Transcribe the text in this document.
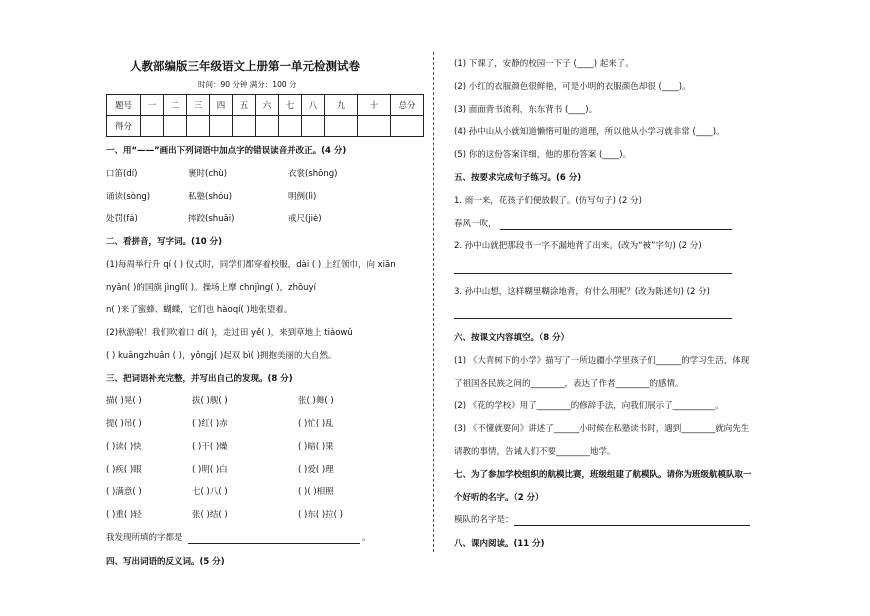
人教部编版三年级语文上册第一单元检测试卷
时间：90 分钟 满分：100 分
题号	一	二	三	四	五	六	七	八	九	十	总分
得分											
一、用“——”画出下列词语中加点字的错误读音并改正。(4 分)
口笛(dí)	裹时(chù)	衣裳(shōng)
诵读(sòng)	私塾(shóu)	明例(lì)
处罚(fá)	摔跤(shuāi)	戒尺(jiè)
二、看拼音，写字词。(10 分)
(1)每周举行升 qí ( ) 仪式时，同学们都穿着校服，dài ( ) 上红领巾，向 xiān
nyān( )的国旗 jìnglǐ( )。操场上摩 chnjìng( )，zhōuyí
n( )来了蜜蜂、蝴蝶，它们也 hàoqí( )地张望着。
(2)秋游啦！我们吹着口 dí( )，走过田 yě( )，来到草地上 tiàowǔ
( ) kuǎngzhuǎn ( )，yǒngj( )起双 bì( )拥抱美丽的大自然。
三、把词语补充完整，并写出自己的发现。(8 分)
描( )晃( )	拔( )舰( )	张( )舞( )
提( )吊( )	( )红( )赤	( )忙( )乱
( )读( )快	( )干( )燥	( )暗( )果
( )疾( )眼	( )明( )白	( )爱( )理
( )满意( )	七( )八( )	( )( )相照
( )重( )轻	张( )结( )	( )东( )拉( )
我发现所填的字都是	。
四、写出词语的反义词。(5 分)
(1) 下课了，安静的校园一下子 (____) 起来了。
(2) 小红的衣服颜色很鲜艳，可是小明的衣服颜色却很 (____)。
(3) 面面背书流利，东东背书 (____)。
(4) 孙中山从小就知道懒惰可耻的道理，所以他从小学习就非常 (____)。
(5) 你的这份答案详细，他的那份答案 (____)。
五、按要求完成句子练习。(6 分)
1. 雨一来，花孩子们便放假了。(仿写句子) (2 分)
春风一吹，
2. 孙中山就把那段书一字不漏地背了出来。(改为“被”字句) (2 分)
3. 孙中山想，这样糊里糊涂地背，有什么用呢？(改为陈述句) (2 分)
六、按课文内容填空。（8 分）
(1) 《大青树下的小学》描写了一所边疆小学里孩子们______的学习生活，体现
了祖国各民族之间的________，表达了作者________的感情。
(2) 《花的学校》用了________的修辞手法，向我们展示了__________。
(3) 《不懂就要问》讲述了______小时候在私塾读书时，遇到________就向先生
请教的事情，告诫人们不要________地学。
七、为了参加学校组织的航模比赛，班级组建了航模队。请你为班级航模队取一
个好听的名字。（2 分）
模队的名字是：
八、课内阅读。(11 分)
